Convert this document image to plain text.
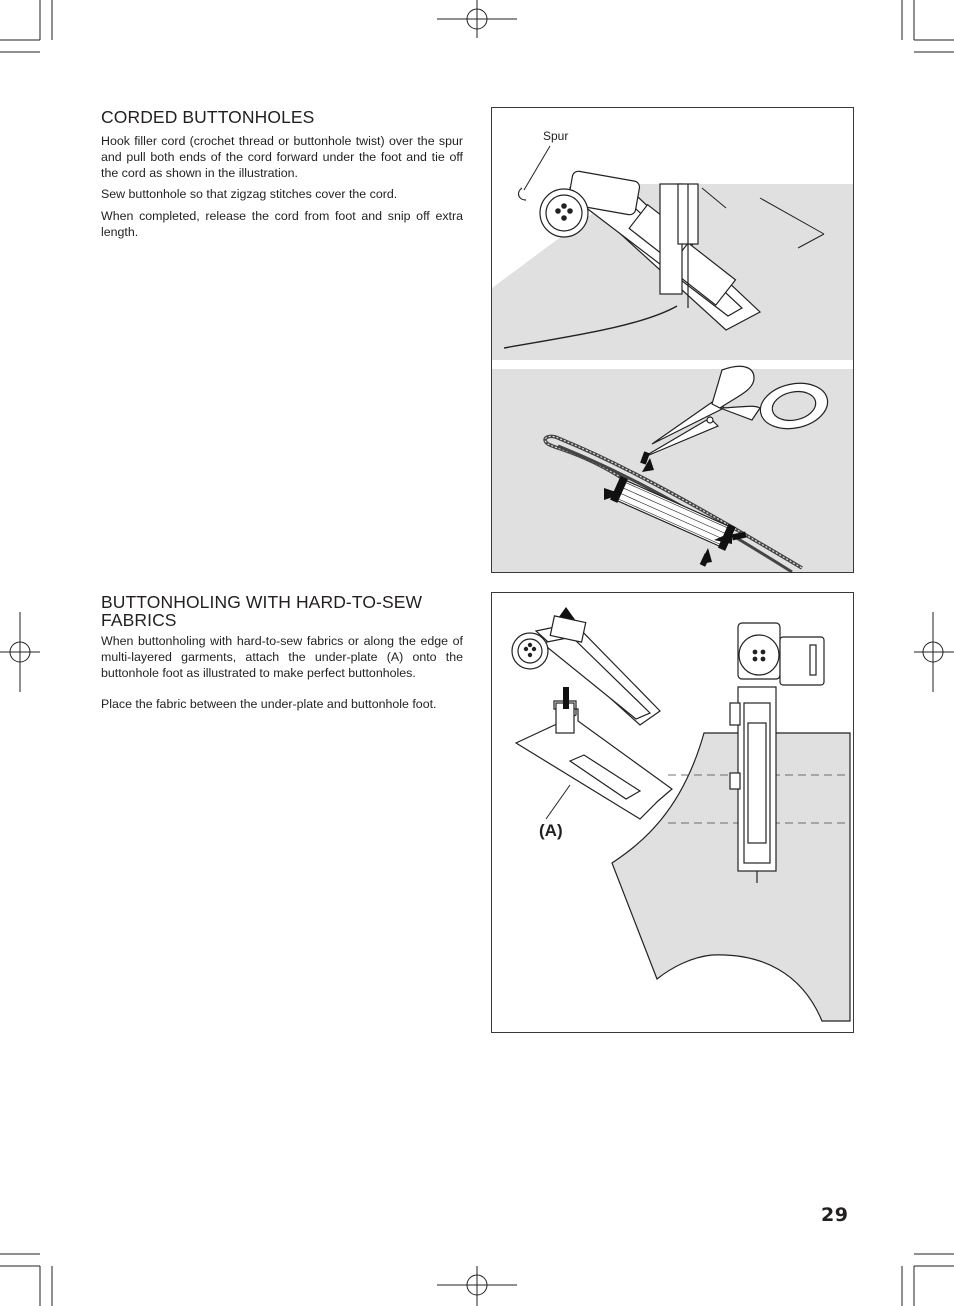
CORDED BUTTONHOLES

Hook filler cord (crochet thread or buttonhole twist) over the spur and pull both ends of the cord forward under the foot and tie off the cord as shown in the illustration.

Sew buttonhole so that zigzag stitches cover the cord.

When completed, release the cord from foot and snip off extra length.

Spur
BUTTONHOLING WITH HARD-TO-SEW FABRICS

When buttonholing with hard-to-sew fabrics or along the edge of multi-layered garments, attach the under-plate (A) onto the buttonhole foot as illustrated to make perfect buttonholes.

Place the fabric between the under-plate and buttonhole foot.

(A)
29
